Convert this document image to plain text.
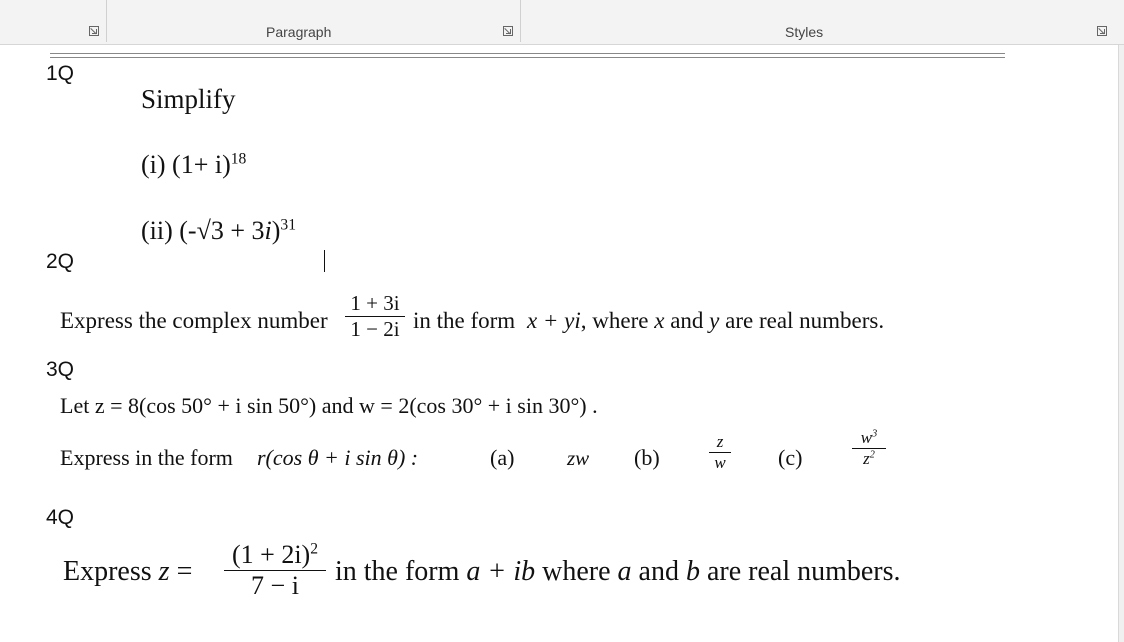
Paragraph	Styles
1Q
Simplify
(i) $(1+ i)^{18}$
(ii) $(-√3 + 3i)^{31}$
2Q
Express the complex number
1 + 3i
1 − 2i in the form x + yi, where x and y are real numbers.
3Q
Let z = 8(cos 50° + i sin 50°) and w = 2(cos 30° + i sin 30°) .
Express in the form r(cos θ + i sin θ) :	(a)	zw (b)
z
w (c)
$w^3$
$z^2$
4Q
Express z =
$(1 + 2i)^2$
7 − i	in the form a + ib where a and b are real numbers.
